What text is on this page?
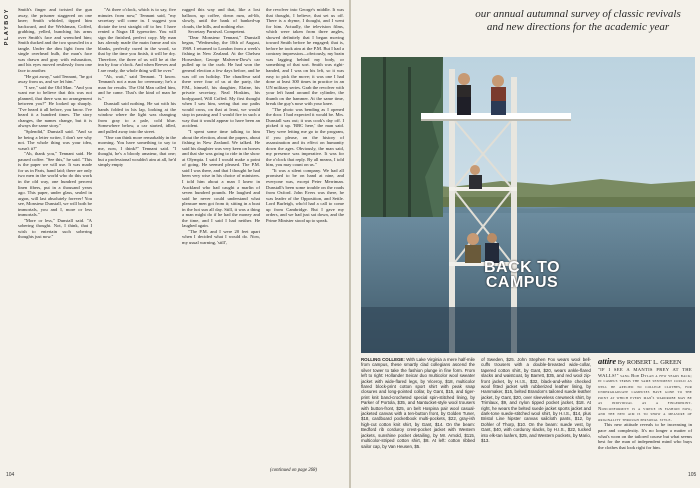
PLAYBOY Smith's finger and twisted the gun away, the prisoner staggered on one knee; Smith whirled, tipped him backward, and the Welshman, Coffed, grabbing, yelled, bunching his arms over Smith's face and wrenched him; Smith ducked and the two sprawled in a tangle. Under the dim light from the single overhead bulb, the man's face was drawn and gray with exhaustion, and his eyes moved restlessly from one face to another.

"He got away," said Tennant, "he got away from us, and we let him."

"I see," said the Old Man. "And you want me to believe that this was not planned, that there was no arrangement between you?" He looked up sharply. "I've heard it all before, you know. I've heard it a hundred times. The story changes, the names change, but it is always the same story."

"Splendid," Dunstall said. "And so he being a letter writer, I don't see why not. The whole thing was your idea, wasn't it?"

"Ah, thank you," Tennant said. He paused coffee. "See this," he said. "This is the paper we will use. It was made for us in Paris, hand laid; there are only two men in the world who do this work in the old way, one hundred percent linen fibers, put in a thousand years ago. This paper, under glass, sealed in argon, will last absolutely forever! You see, Monsieur Dunstall, we will both be immortals, you and I, more or less immortals."

"More or less," Dunstall said. "A sobering thought. Not, I think, that I wish to entertain such sobering thoughts just now."

"At three o'clock, which is to say, five minutes from now," Tennant said, "my secretary will come in. I suggest you dictate the text straight off to her. I have rented a Nagra III typewriter. You will sign the finished, perfect copy. My man has already made the main frame and six blanks, perfectly cured in the wood, so that by the time you finish, it will be dry. Therefore, the three of us will be at the inn by four o'clock. And when Reeves and I are ready, the whole thing will be over."

"Ah, wait," said Tennant. "I know. Tennant's not a man for ceremony; he's a man for results. The Old Man called him, and he came. That's the kind of man he is."

Dunstall said nothing. He sat with his hands folded in his lap, looking at the window where the light was changing from gray to a pale, cold blue. Somewhere below, a car started, idled, and pulled away into the street.

"One can think more remarkably in the morning. You have something to say to me, now, I think?" Tennant said. "I thought, he's a bloody amateur, that one; but a professional wouldn't aim at all, he'd simply empty

rugged this way and that, like a lost balloon, up coffee, down rum, ad-lib, slowly, until the bank of banked-up clouds, the hills, and nothing else.

Secretary Parnival. Competent.

"Dear Monsieur Tennant," Dunstall began, "Wednesday, the 10th of August, 1969. I returned to London from a week's fishing in New Zealand. At the Chelsea Horseshoe, George Malvern-Dow's car pulled up to the curb. He had won the general election a few days before, and he was off on holiday. The chauffeur said there were four of us at the party, the P.M., himself, his daughter, Elaine, his private secretary, Neal Hoskins, his bodyguard, Will Coffed. My first thought when I saw him, seeing that our paths would cross, on that at least, we would stop in passing and I would fire in such a way that it would appear to have been an accident.

"I spent some time talking to him about the election, about the papers, about fishing in New Zealand. We talked. He said his daughter was very keen on horses and that she was going to ride in the show at Olympia. I said I would make a point of going. He seemed pleased. The P.M. said I was there, and that I thought he had been very wise in his choice of ministers. I told him about a man I knew in Auckland who had caught a marlin of seven hundred pounds. He laughed and said he never could understand what pleasure men got from it; sitting in a boat in the hot sun all day. Still, it was a thing a man might do if he had the money and the time, and I said I had neither. He laughed again.

"The P.M. and I were 20 feet apart when I decided what I would do. Now, my usual warning, 'still',

the revolver into George's middle. It was that thought, I believe, that set us off. There is a rhyme, I thought, and I went for him. Actually, the television films, which were taken from three angles, showed definitely that I began moving toward Smith before he engaged; that is, before he took aim at the P.M. But I had a contrary impression—obviously, my brain was lagging behind my body, or something of that sort. Smith was right-handed, and I was on his left, so it was easy to pick the move; it was one I had done at least 300 times in practice in an UN military series. Grab the revolver with your left hand around the cylinder, the thumb on the hammer. At the same time, break the guy's nose with your knee.

"The photo was bending as I opened the door. I had expected it would be. Mrs. Dunstall was out; it was cook's day off. I picked it up. 'BBC here,' the man said. They were letting me go to the program, if you please, on the history of assassination and its effect on humanity down the ages. Obviously, the man said, my presence was imperative. It was for the o'clock that reply. By all means, I told him, you may count on us."

"It was a silent company. We had all promised to be on hand at nine, and everyone was, except Peter Merriman. Dunstall's been some trouble on the roads from Oxford. John Evers was there, he was leader of the Opposition, and Settle. Lord Burleigh, who'd had a call to come up from Cambridge. But I gave my orders, and we had just sat down, and the Prime Minister stood up to speak.

(continued on page 268)
104
our annual autumnal survey of classic revivals and new directions for the academic year
BACK TO CAMPUS
ROLLING COLLEGE: With Lake Virginia a mere half-mile from campus, these smartly clad collegians ascend the silver tower to take the fashion plunge in fine form. From left to right: Hollander Seicar duo multicolor wool sweater jacket with wide-flared legs, by Viceroy, $18, multicolor flared block-print cotton sport shirt with peak snap closures and long-pointed collar, by Gant, $15, and tiger-print knit band-crocheted special spin-stitched lining, by Parker of Portola, $35, and Nantucket-style wool trousers with button-front, $25, on belt Hospina pair wool casual-jacketed canvas with a ten-button front, by Golden Tuner, $18, cardboard pocketbook multi-pockets, $22, gray-ish high-cut cotton knit shirt, by Gant, $14. On the beam: Bedford rib corduroy crest-pocket jacket with Western jackets, sunshine pocket detailing, by Mr. Arnold, $115, multicolor-striped cotton shirt, $8. At left: cotton ribbed sailor cap, by Van Heusen, $5.
of Sweden, $25. John Stephen Fox wears wool bell-cuffs trousers with a double-breasted wide-collar, tapered cotton shirt, by Gant, $20, wears ankle-flared slacks and waistcoat, by Barrett, $35, and red wool zip-front jacket, by H.I.S., $32, black-and-white checked wool fitted jacket with rubberized leather lining, by Hammaker, $15, belted Brandon's tailored suede leather jacket, by Gant, $20, over sleeveless crewneck shirt, by Trimlaux, $9, and nylon tipped pocket jacket, $18. At right, he wears the belted suede jacket sports jacket and dark-tone suede-stitched wool shirt, by H.I.S., $14, plus Bristol Line hipster canvas sailcloth pants, $12, by Dohler of Thorp, $10. On the beam: suede vest, by Gant, $40, with corduroy slacks, by H.I.S., $22, tucked into elk-tan loafers, $25, and Western pockets, by Mario, $13.
attire By ROBERT L. GREEN

"IF I SEE A MANTIS PREY AT THE WALLS!" sang Bob Dylan a few years back; in campus terms the same sentiment could as well be applied to college clothes, for undergraduate campuses have gone to the point at which every man's wardrobe may be as individual as a fingerprint. Nonconformity is a virtue in fashion now, and the new aim is to show a measure of originality through personal style.

This new attitude reveals to be increasing in pace and complexity. It's no longer a matter of what's worn on the tailored course but what seems best for the man of independent mind who buys the clothes that look right for him.

105
